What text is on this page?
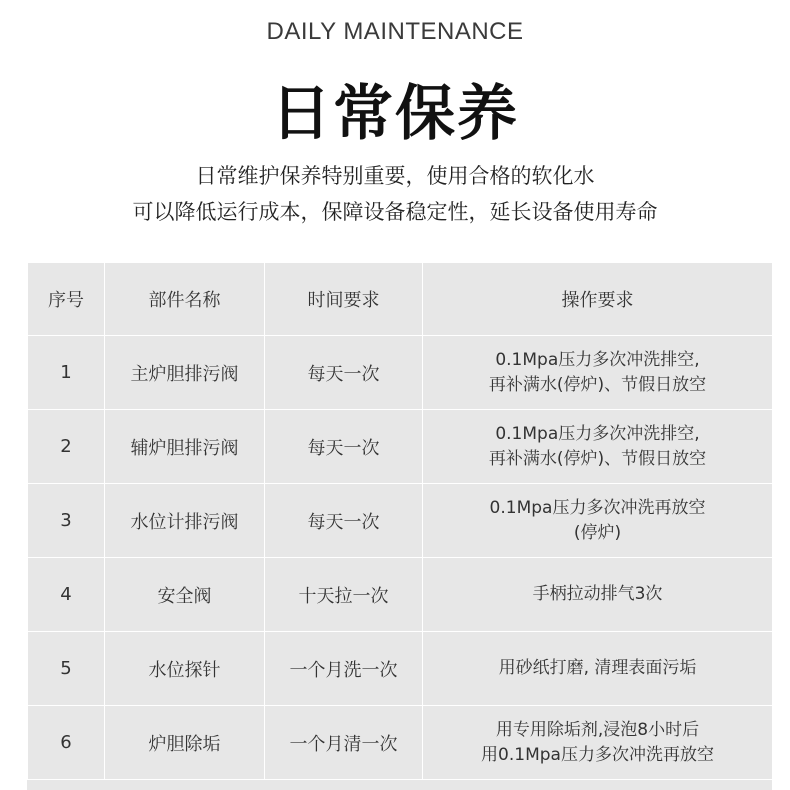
DAILY MAINTENANCE
日常保养
日常维护保养特别重要，使用合格的软化水
可以降低运行成本，保障设备稳定性，延长设备使用寿命
序号	部件名称	时间要求	操作要求
1	主炉胆排污阀	每天一次	0.1Mpa压力多次冲洗排空,
再补满水(停炉)、节假日放空

2	辅炉胆排污阀	每天一次	0.1Mpa压力多次冲洗排空,
再补满水(停炉)、节假日放空

3	水位计排污阀	每天一次	0.1Mpa压力多次冲洗再放空
(停炉)

4	安全阀	十天拉一次	手柄拉动排气3次

5	水位探针	一个月洗一次	用砂纸打磨, 清理表面污垢

6	炉胆除垢	一个月清一次	用专用除垢剂,浸泡8小时后
用0.1Mpa压力多次冲洗再放空
